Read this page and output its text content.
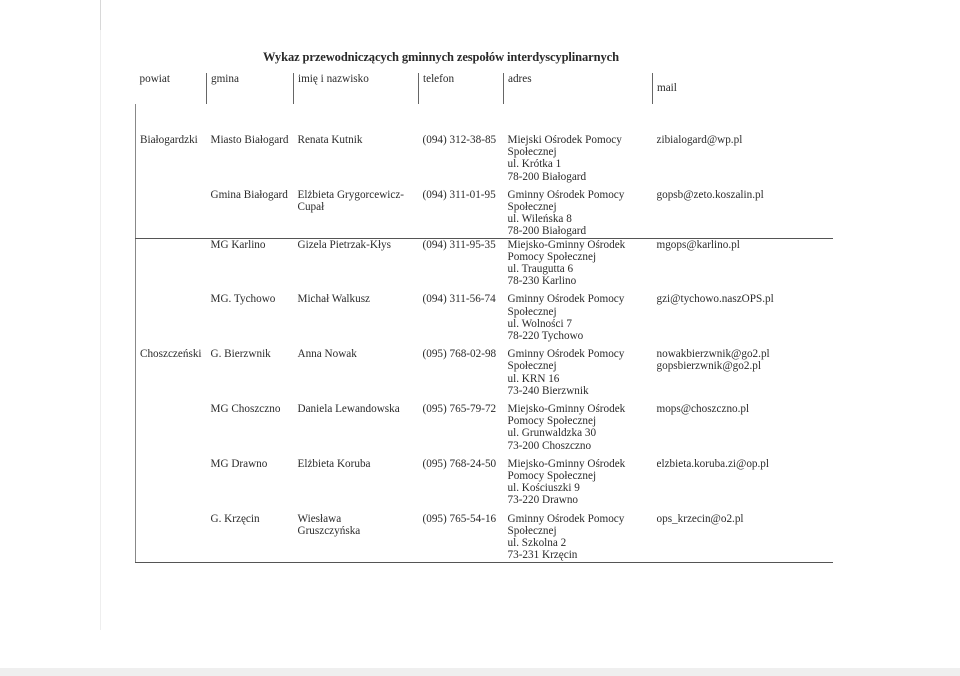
Wykaz przewodniczących gminnych zespołów interdyscyplinarnych
powiat	gmina	imię i nazwisko	telefon	adres	mail

Białogardzki	Miasto Białogard	Renata Kutnik	(094) 312-38-85	Miejski Ośrodek Pomocy
Społecznej
ul. Krótka 1
78-200 Białogard	zibialogard@wp.pl

	Gmina Białogard	Elżbieta Grygorcewicz-
Cupał	(094) 311-01-95	Gminny Ośrodek Pomocy
Społecznej
ul. Wileńska 8
78-200 Białogard	gopsb@zeto.koszalin.pl

	MG Karlino	Gizela Pietrzak-Kłys	(094) 311-95-35	Miejsko-Gminny Ośrodek
Pomocy Społecznej
ul. Traugutta 6
78-230 Karlino	mgops@karlino.pl

	MG. Tychowo	Michał Walkusz	(094) 311-56-74	Gminny Ośrodek Pomocy
Społecznej
ul. Wolności 7
78-220 Tychowo	gzi@tychowo.naszOPS.pl

Choszczeński	G. Bierzwnik	Anna Nowak	(095) 768-02-98	Gminny Ośrodek Pomocy
Społecznej
ul. KRN 16
73-240 Bierzwnik	nowakbierzwnik@go2.pl
gopsbierzwnik@go2.pl

	MG Choszczno	Daniela Lewandowska	(095) 765-79-72	Miejsko-Gminny Ośrodek
Pomocy Społecznej
ul. Grunwaldzka 30
73-200 Choszczno	mops@choszczno.pl

	MG Drawno	Elżbieta Koruba	(095) 768-24-50	Miejsko-Gminny Ośrodek
Pomocy Społecznej
ul. Kościuszki 9
73-220 Drawno	elzbieta.koruba.zi@op.pl

	G. Krzęcin	Wiesława
Gruszczyńska	(095) 765-54-16	Gminny Ośrodek Pomocy
Społecznej
ul. Szkolna 2
73-231 Krzęcin	ops_krzecin@o2.pl
